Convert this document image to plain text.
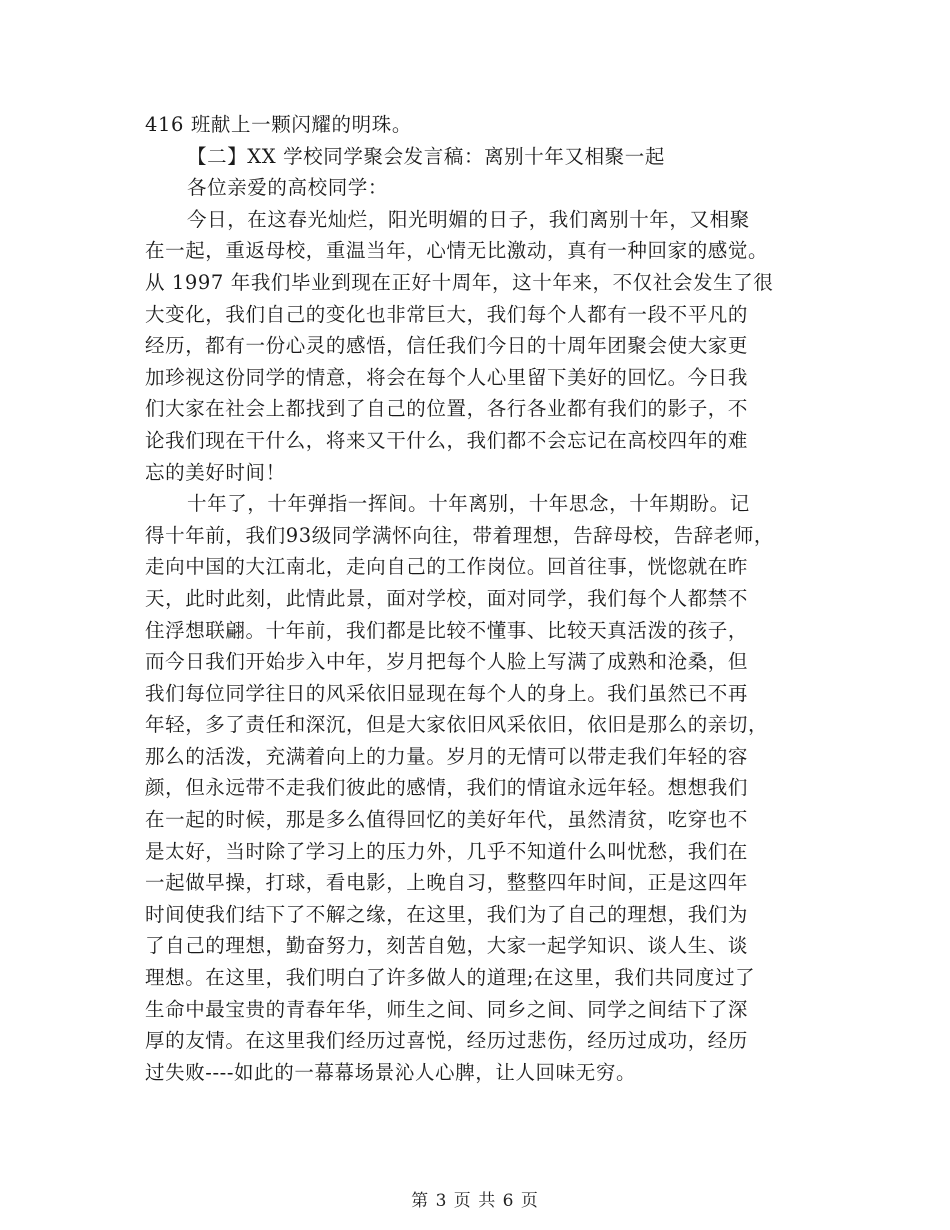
416 班献上一颗闪耀的明珠。
【二】XX 学校同学聚会发言稿：离别十年又相聚一起
各位亲爱的高校同学：
今日，在这春光灿烂，阳光明媚的日子，我们离别十年，又相聚
在一起，重返母校，重温当年，心情无比激动，真有一种回家的感觉。
从 1997 年我们毕业到现在正好十周年，这十年来，不仅社会发生了很
大变化，我们自己的变化也非常巨大，我们每个人都有一段不平凡的
经历，都有一份心灵的感悟，信任我们今日的十周年团聚会使大家更
加珍视这份同学的情意，将会在每个人心里留下美好的回忆。今日我
们大家在社会上都找到了自己的位置，各行各业都有我们的影子，不
论我们现在干什么，将来又干什么，我们都不会忘记在高校四年的难
忘的美好时间！
十年了，十年弹指一挥间。十年离别，十年思念，十年期盼。记
得十年前，我们93级同学满怀向往，带着理想，告辞母校，告辞老师，
走向中国的大江南北，走向自己的工作岗位。回首往事，恍惚就在昨
天，此时此刻，此情此景，面对学校，面对同学，我们每个人都禁不
住浮想联翩。十年前，我们都是比较不懂事、比较天真活泼的孩子，
而今日我们开始步入中年，岁月把每个人脸上写满了成熟和沧桑，但
我们每位同学往日的风采依旧显现在每个人的身上。我们虽然已不再
年轻，多了责任和深沉，但是大家依旧风采依旧，依旧是那么的亲切，
那么的活泼，充满着向上的力量。岁月的无情可以带走我们年轻的容
颜，但永远带不走我们彼此的感情，我们的情谊永远年轻。想想我们
在一起的时候，那是多么值得回忆的美好年代，虽然清贫，吃穿也不
是太好，当时除了学习上的压力外，几乎不知道什么叫忧愁，我们在
一起做早操，打球，看电影，上晚自习，整整四年时间，正是这四年
时间使我们结下了不解之缘，在这里，我们为了自己的理想，我们为
了自己的理想，勤奋努力，刻苦自勉，大家一起学知识、谈人生、谈
理想。在这里，我们明白了许多做人的道理;在这里，我们共同度过了
生命中最宝贵的青春年华，师生之间、同乡之间、同学之间结下了深
厚的友情。在这里我们经历过喜悦，经历过悲伤，经历过成功，经历
过失败----如此的一幕幕场景沁人心脾，让人回味无穷。
第 3 页 共 6 页
